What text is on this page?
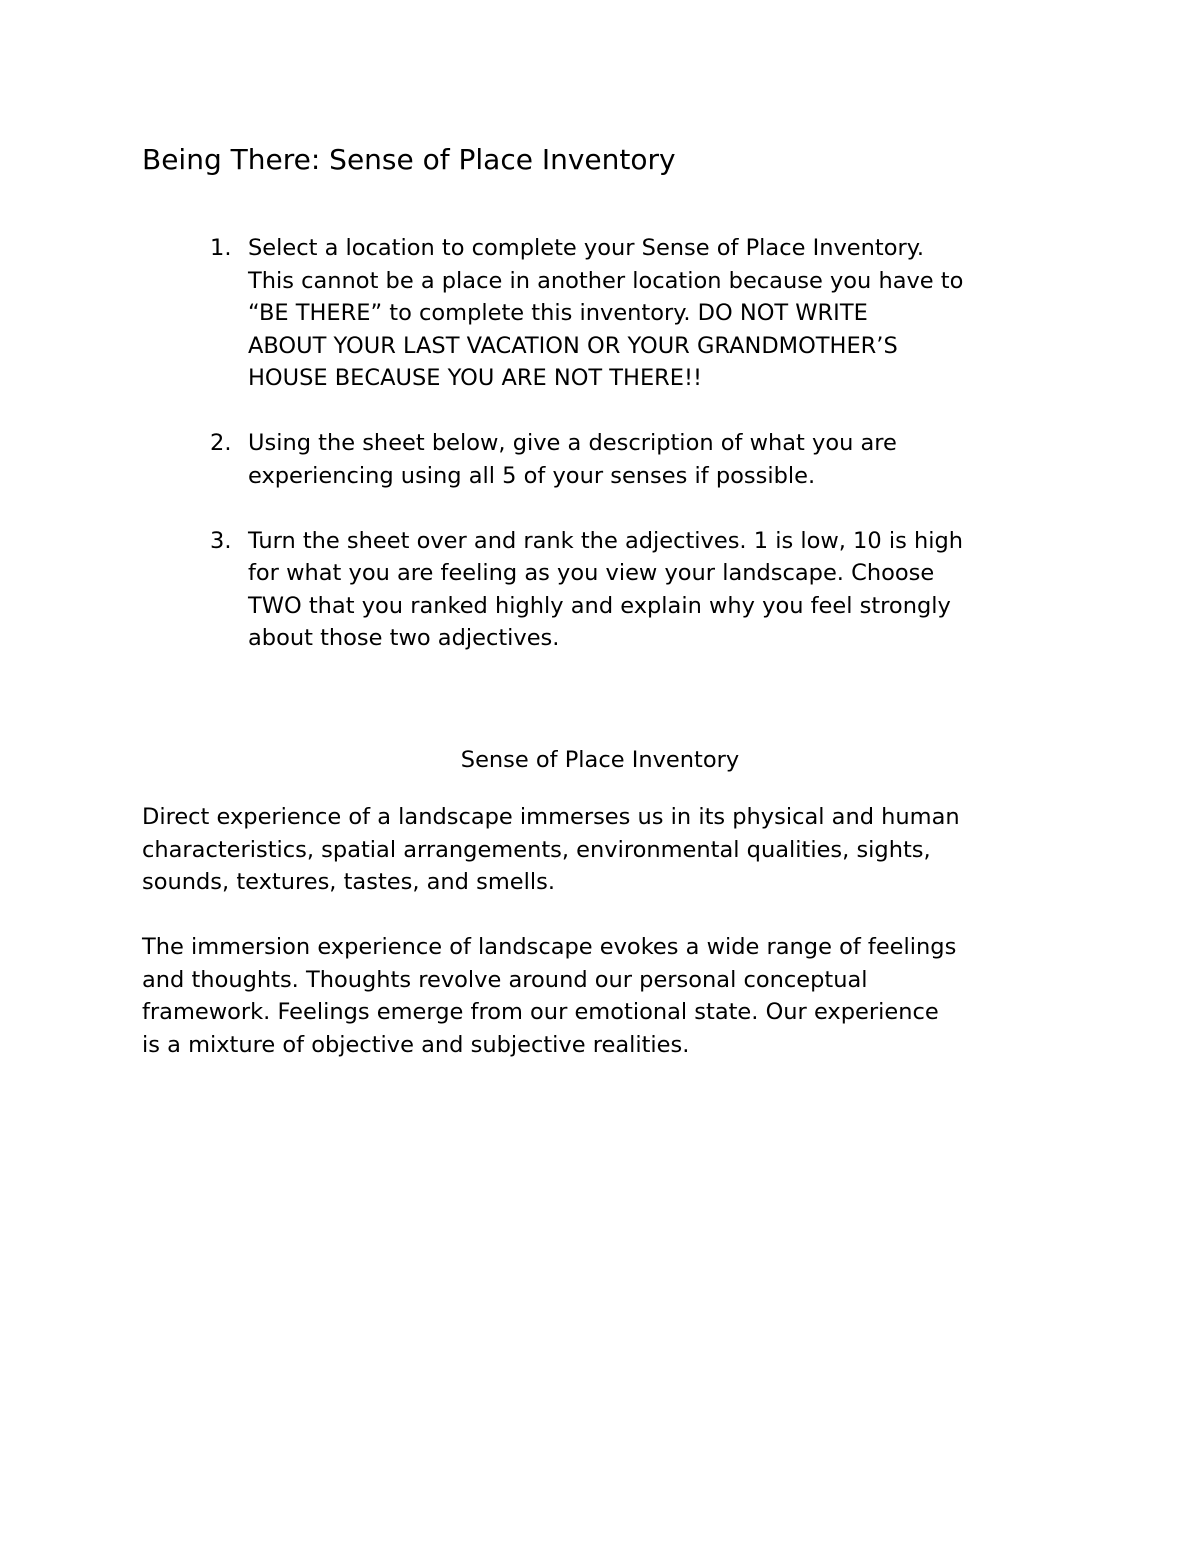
Being There: Sense of Place Inventory
1. Select a location to complete your Sense of Place Inventory.
This cannot be a place in another location because you have to
“BE THERE” to complete this inventory. DO NOT WRITE
ABOUT YOUR LAST VACATION OR YOUR GRANDMOTHER’S
HOUSE BECAUSE YOU ARE NOT THERE!!
2. Using the sheet below, give a description of what you are
experiencing using all 5 of your senses if possible.
3. Turn the sheet over and rank the adjectives. 1 is low, 10 is high
for what you are feeling as you view your landscape. Choose
TWO that you ranked highly and explain why you feel strongly
about those two adjectives.
Sense of Place Inventory

Direct experience of a landscape immerses us in its physical and human
characteristics, spatial arrangements, environmental qualities, sights,
sounds, textures, tastes, and smells.

The immersion experience of landscape evokes a wide range of feelings
and thoughts. Thoughts revolve around our personal conceptual
framework. Feelings emerge from our emotional state. Our experience
is a mixture of objective and subjective realities.
